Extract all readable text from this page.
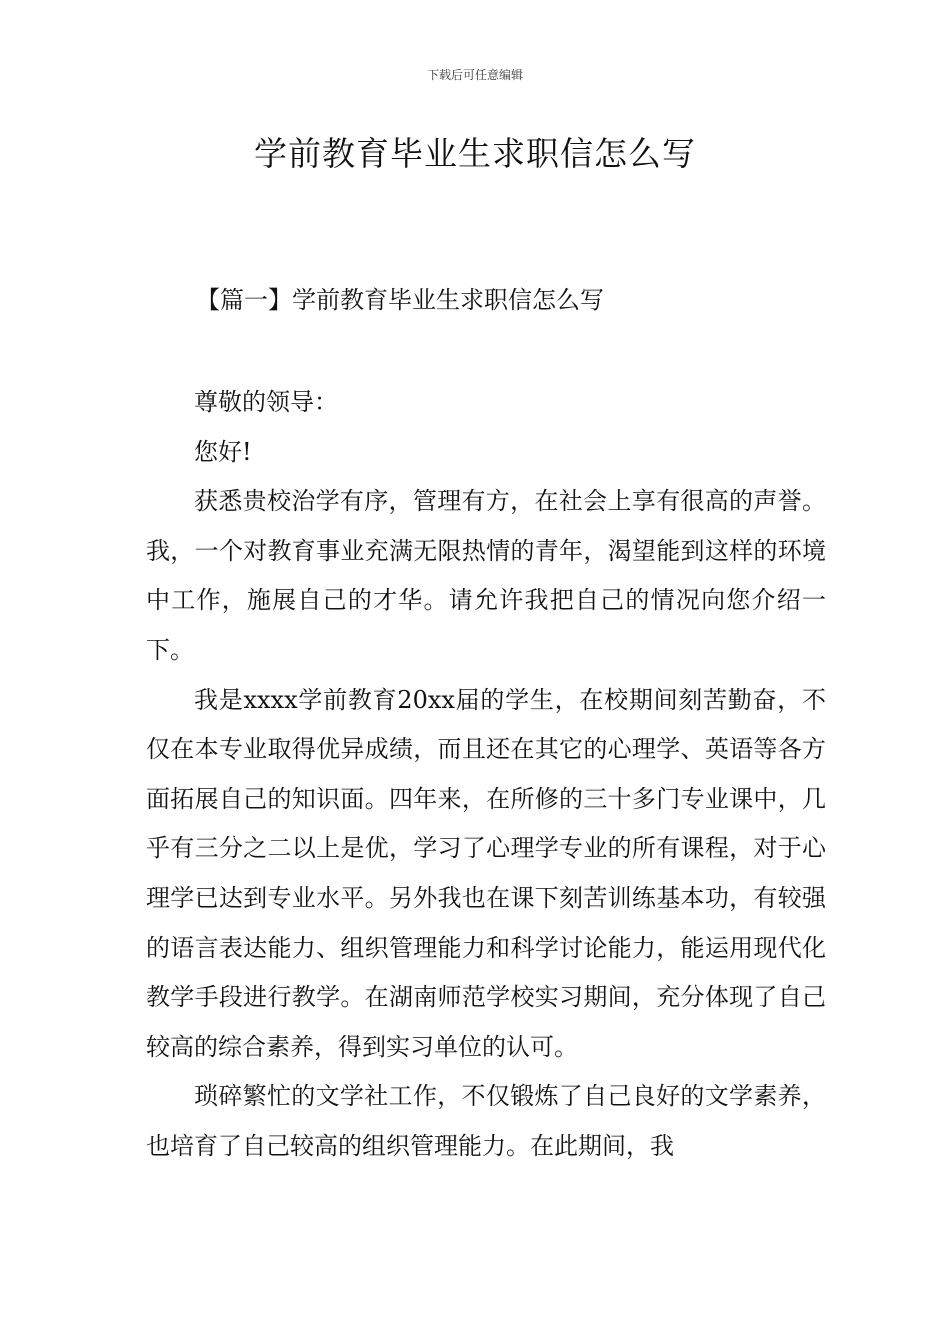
下载后可任意编辑
学前教育毕业生求职信怎么写
【篇一】学前教育毕业生求职信怎么写

尊敬的领导：

您好!

获悉贵校治学有序，管理有方，在社会上享有很高的声誉。我，一个对教育事业充满无限热情的青年，渴望能到这样的环境中工作，施展自己的才华。请允许我把自己的情况向您介绍一下。

我是xxxx学前教育20xx届的学生，在校期间刻苦勤奋，不仅在本专业取得优异成绩，而且还在其它的心理学、英语等各方面拓展自己的知识面。四年来，在所修的三十多门专业课中，几乎有三分之二以上是优，学习了心理学专业的所有课程，对于心理学已达到专业水平。另外我也在课下刻苦训练基本功，有较强的语言表达能力、组织管理能力和科学讨论能力，能运用现代化教学手段进行教学。在湖南师范学校实习期间，充分体现了自己较高的综合素养，得到实习单位的认可。

琐碎繁忙的文学社工作，不仅锻炼了自己良好的文学素养，也培育了自己较高的组织管理能力。在此期间，我
